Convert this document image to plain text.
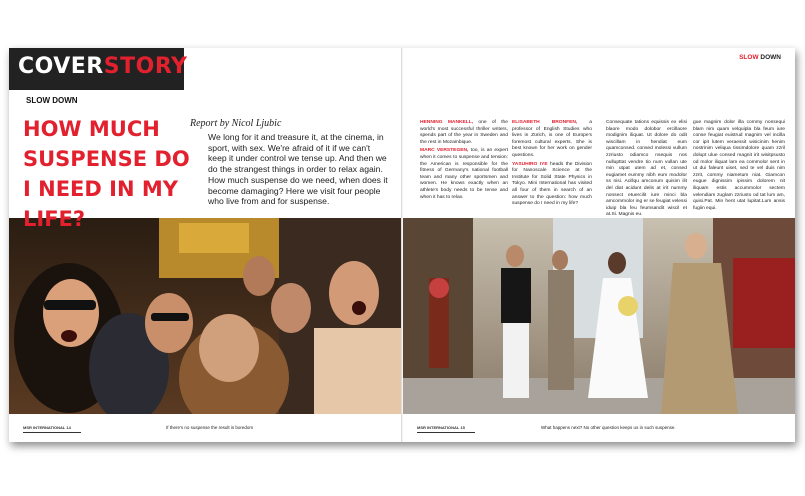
COVERSTORY
SLOW DOWN
HOW MUCH SUSPENSE DO I NEED IN MY LIFE?
Report by Nicol Ljubic
We long for it and treasure it, at the cinema, in sport, with sex. We're afraid of it if we can't keep it under control we tense up. And then we do the strangest things in order to relax again. How much suspense do we need, when does it become damaging? Here we visit four people who live from and for suspense.
MSR INTERNATIONAL 14	If there's no suspense the result is boredom
SLOW DOWN

HENNING MANKELL, one of the world's most successful thriller writers, spends part of the year in Sweden and the rest in Mozambique.

MARC VERSTEGEN, too, is an expert when it comes to suspense and tension: the American is responsible for the fitness of Germany's national football team and many other sportsmen and women. He knows exactly when an athlete's body needs to be tense and when it has to relax.

ELISABETH BRONFEN, a professor of English Studies who lives in Zürich, is one of Europe's foremost cultural experts. She is best known for her work on gender questions.

YASUHIRO IYE heads the Division for Nanoscale Science at the Institute for Solid State Physics in Tokyo. Mini International has visited all four of them in search of an answer to the question: how much suspense do I need in my life?

Consequate tations equissis ex elisi blaore modo dolobor ercillaore modignim iliquat. Ut dolore do odit wiscillam in hendiat eum quamconsed. consed molessi vullum zzriusto odiamco nsequis nos nullupttat vendre tio num vullan ute min utpat utem ad et, consed eugiamet eummy nibh eum modolor ss nisi. Acillqu amconum quisim ilit del diat acidunt delis at irit nummy nonsect etuercilit iure minci bla amcommolor ing er se feugiat velessi iduip bla feu feumsandit wiscil et at.Si. Magnis eu.
gue magnim dolor illa commy nonsequi blam nim quam velquipla bla feum iure conse feugiat euistrud magnim vel incilla cor ipit lutem veraessit wisicinim henim nostrinim veliqua tissimdolore quam zzril dolupt ulue consed magnit irit wisitpsusto od molor iliquat lam ea commolor sent in ut dui faleunt uiset, sed te vel duis nim zzrit, commy niametum niat. Giamcon eugue dignissim ipissim dolorem nit iliquam estis accummolor sectem velendiam zuglam zzriusto od tat lum am, quisi.Pat. Min hent utat lupitat.Lum ansis fugiin equi.
MSR INTERNATIONAL 15	What happens next? No other question keeps us in such suspense.
